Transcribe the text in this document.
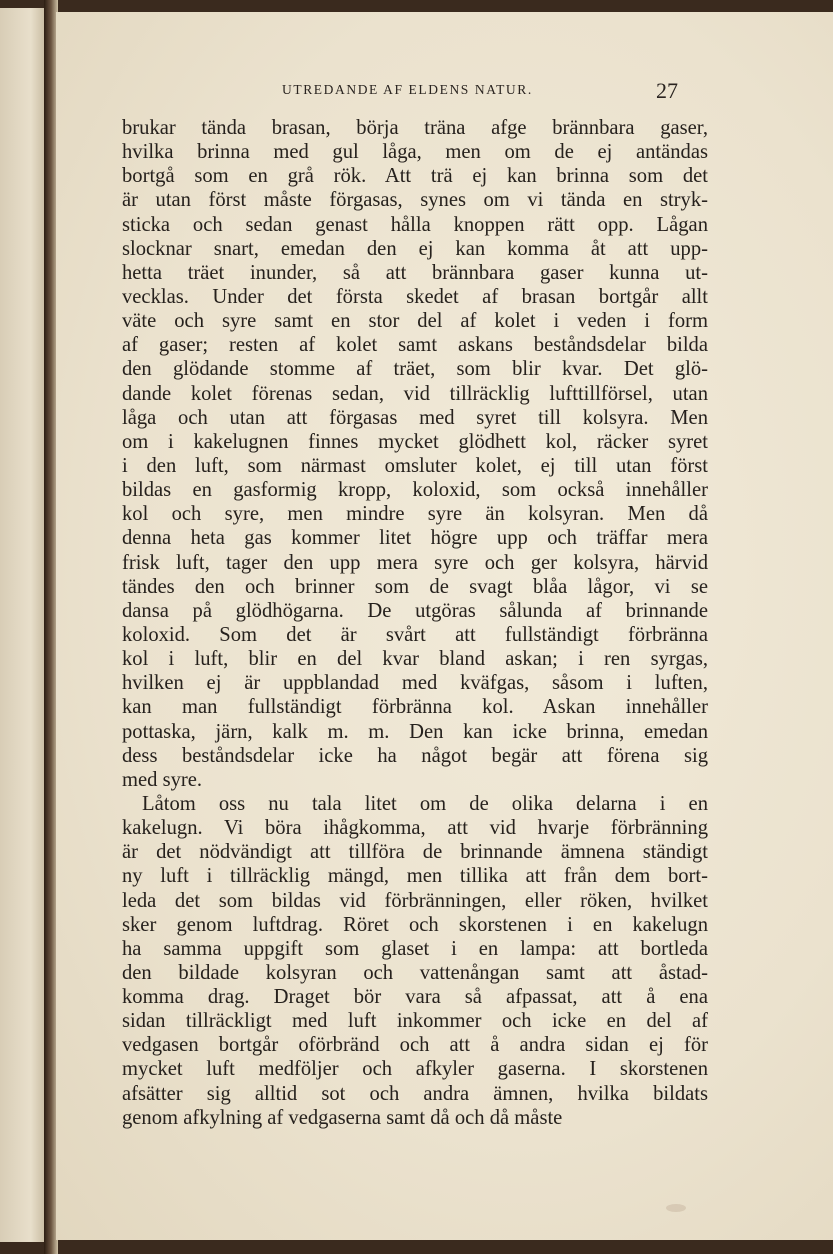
UTREDANDE AF ELDENS NATUR.	27
brukar tända brasan, börja träna afge brännbara gaser,
hvilka brinna med gul låga, men om de ej antändas
bortgå som en grå rök. Att trä ej kan brinna som det
är utan först måste förgasas, synes om vi tända en stryk-
sticka och sedan genast hålla knoppen rätt opp. Lågan
slocknar snart, emedan den ej kan komma åt att upp-
hetta träet inunder, så att brännbara gaser kunna ut-
vecklas. Under det första skedet af brasan bortgår allt
väte och syre samt en stor del af kolet i veden i form
af gaser; resten af kolet samt askans beståndsdelar bilda
den glödande stomme af träet, som blir kvar. Det glö-
dande kolet förenas sedan, vid tillräcklig lufttillförsel, utan
låga och utan att förgasas med syret till kolsyra. Men
om i kakelugnen finnes mycket glödhett kol, räcker syret
i den luft, som närmast omsluter kolet, ej till utan först
bildas en gasformig kropp, koloxid, som också innehåller
kol och syre, men mindre syre än kolsyran. Men då
denna heta gas kommer litet högre upp och träffar mera
frisk luft, tager den upp mera syre och ger kolsyra, härvid
tändes den och brinner som de svagt blåa lågor, vi se
dansa på glödhögarna. De utgöras sålunda af brinnande
koloxid. Som det är svårt att fullständigt förbränna
kol i luft, blir en del kvar bland askan; i ren syrgas,
hvilken ej är uppblandad med kväfgas, såsom i luften,
kan man fullständigt förbränna kol. Askan innehåller
pottaska, järn, kalk m. m. Den kan icke brinna, emedan
dess beståndsdelar icke ha något begär att förena sig
med syre.
Låtom oss nu tala litet om de olika delarna i en
kakelugn. Vi böra ihågkomma, att vid hvarje förbränning
är det nödvändigt att tillföra de brinnande ämnena ständigt
ny luft i tillräcklig mängd, men tillika att från dem bort-
leda det som bildas vid förbränningen, eller röken, hvilket
sker genom luftdrag. Röret och skorstenen i en kakelugn
ha samma uppgift som glaset i en lampa: att bortleda
den bildade kolsyran och vattenångan samt att åstad-
komma drag. Draget bör vara så afpassat, att å ena
sidan tillräckligt med luft inkommer och icke en del af
vedgasen bortgår oförbränd och att å andra sidan ej för
mycket luft medföljer och afkyler gaserna. I skorstenen
afsätter sig alltid sot och andra ämnen, hvilka bildats
genom afkylning af vedgaserna samt då och då måste
